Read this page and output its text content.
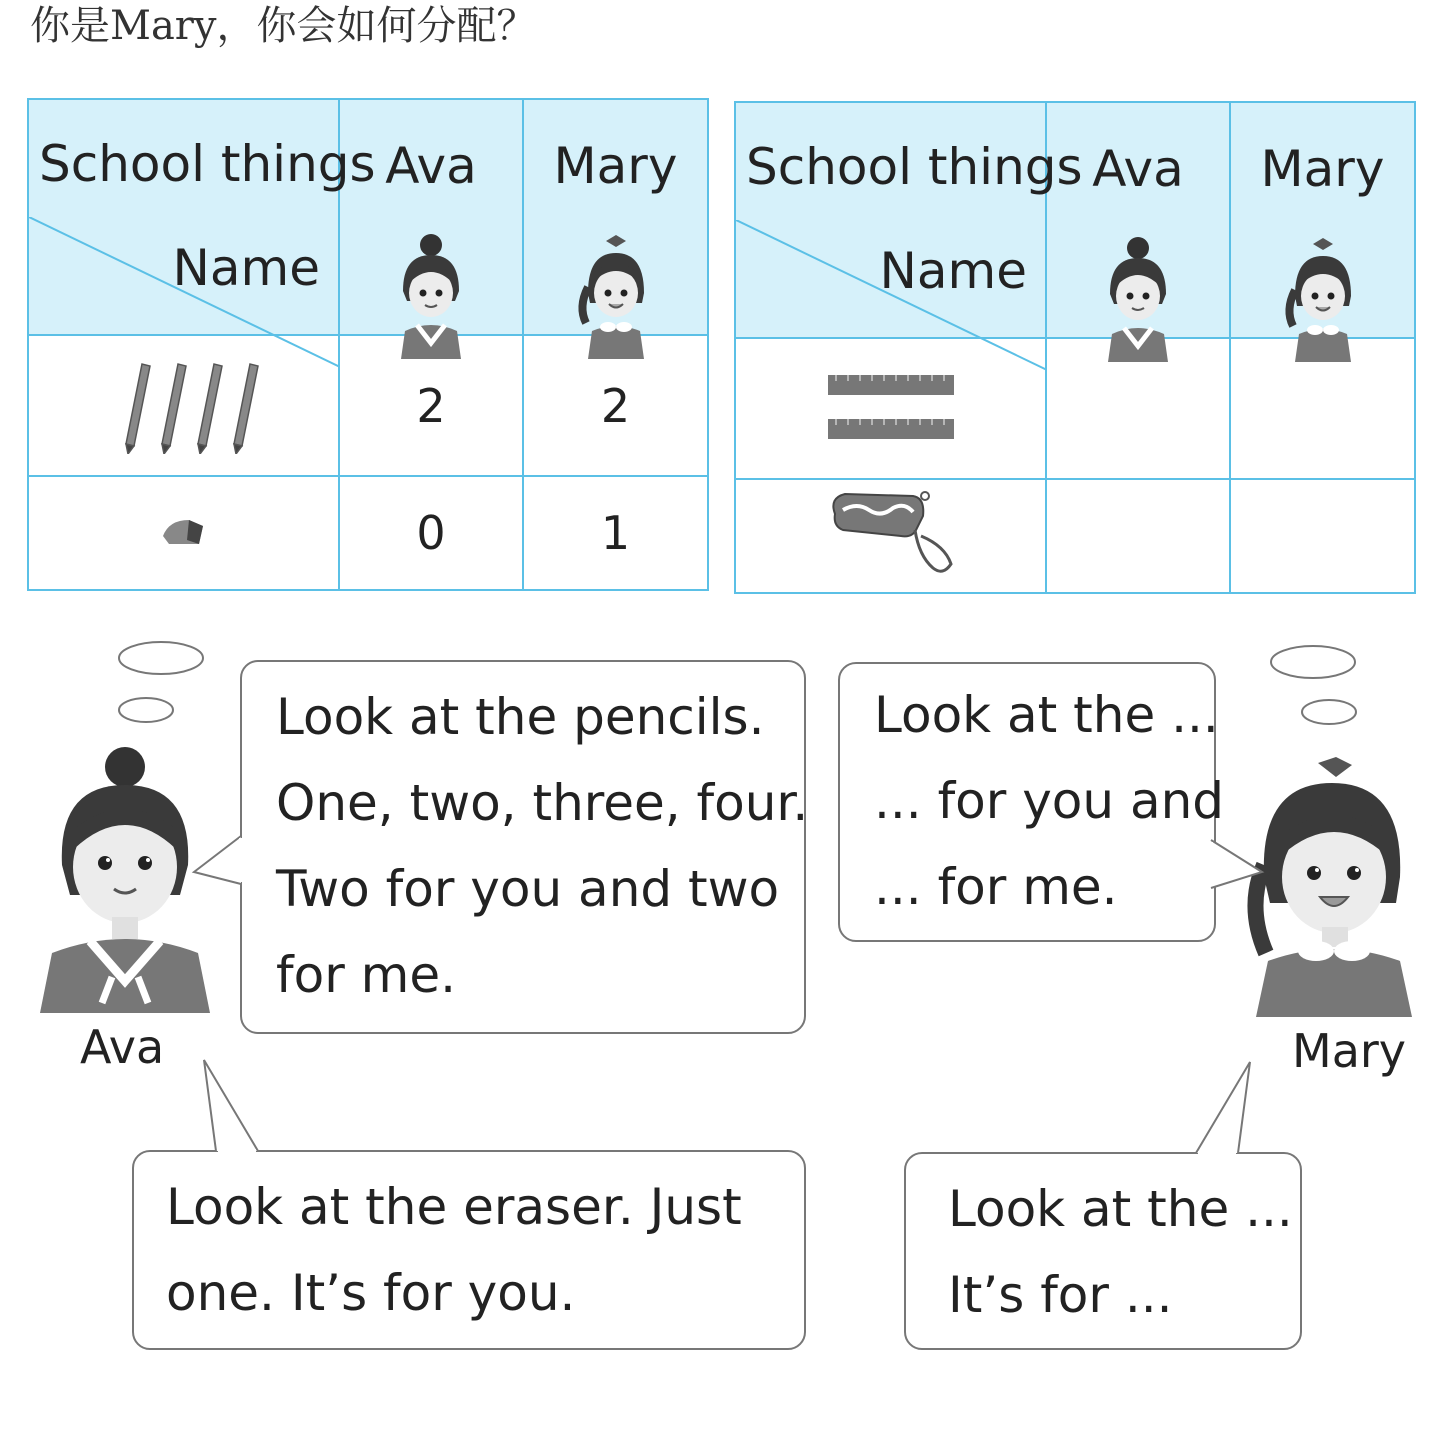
你是Mary，你会如何分配？
Name
School things	Ava	Mary

	2	2
	0	1
Name
School things	Ava	Mary

Ava	Mary
Look at the pencils.
One, two, three, four.
Two for you and two
for me.
Look at the ...
... for you and
... for me.
Look at the eraser. Just
one. It’s for you.
Look at the ...
It’s for ...
